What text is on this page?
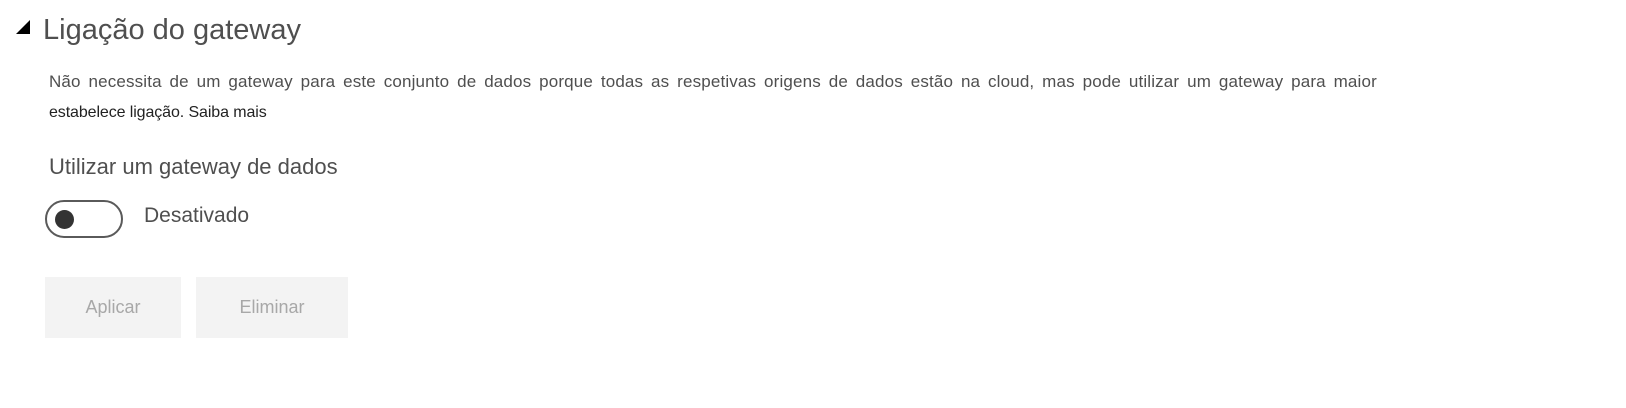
Ligação do gateway
Não necessita de um gateway para este conjunto de dados porque todas as respetivas origens de dados estão na cloud, mas pode utilizar um gateway para maior
estabelece ligação. Saiba mais
Utilizar um gateway de dados
Desativado
Aplicar	Eliminar
